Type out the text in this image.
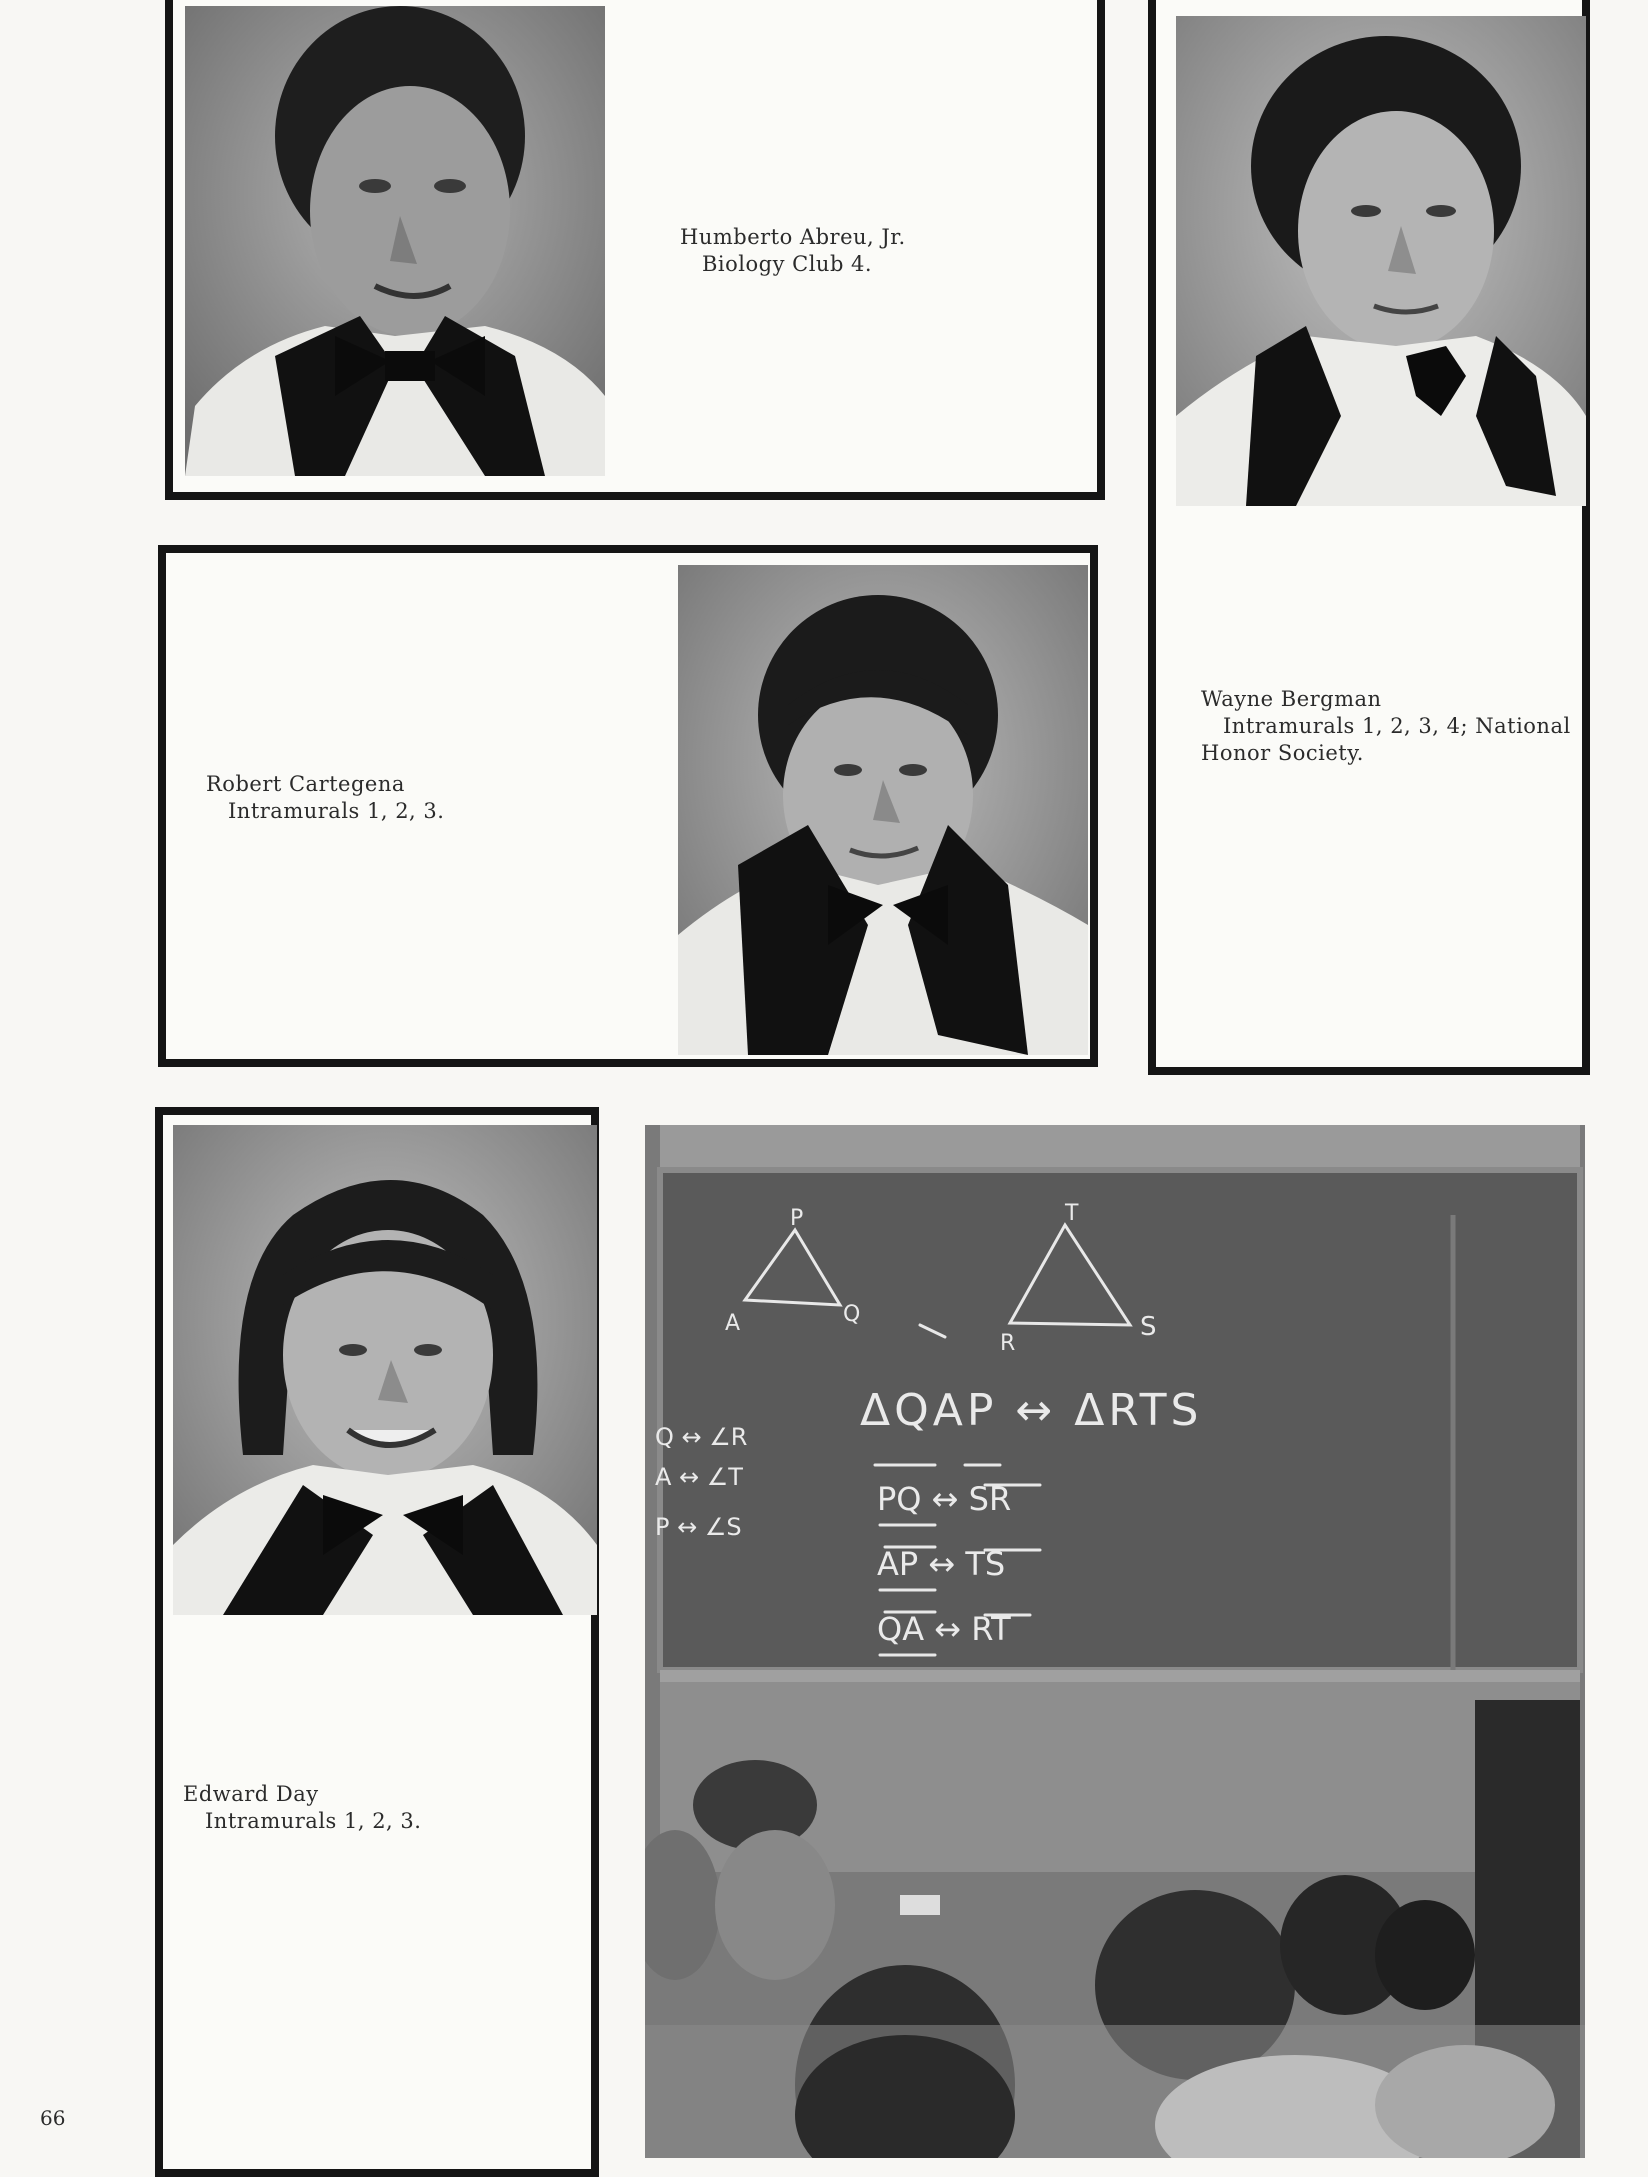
Humberto Abreu, Jr.
Biology Club 4.
Wayne Bergman
Intramurals 1, 2, 3, 4; National
Honor Society.
Robert Cartegena
Intramurals 1, 2, 3.
Edward Day
Intramurals 1, 2, 3.
P
A	Q
T
R
S
ΔQAP ↔ ΔRTS
PQ ↔ SR
AP ↔ TS
QA ↔ RT
Q ↔ ∠R
A ↔ ∠T
P ↔ ∠S
66
